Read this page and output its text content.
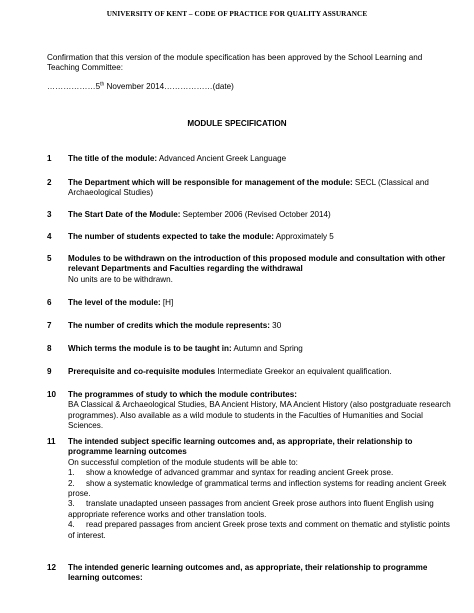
UNIVERSITY OF KENT – CODE OF PRACTICE FOR QUALITY ASSURANCE
Confirmation that this version of the module specification has been approved by the School Learning and Teaching Committee:
………………5th November 2014………………(date)
MODULE SPECIFICATION
1 The title of the module: Advanced Ancient Greek Language
2 The Department which will be responsible for management of the module: SECL (Classical and Archaeological Studies)
3 The Start Date of the Module: September 2006 (Revised October 2014)
4 The number of students expected to take the module: Approximately 5
5 Modules to be withdrawn on the introduction of this proposed module and consultation with other relevant Departments and Faculties regarding the withdrawal
No units are to be withdrawn.
6 The level of the module: [H]
7 The number of credits which the module represents: 30
8 Which terms the module is to be taught in: Autumn and Spring
9 Prerequisite and co-requisite modules Intermediate Greekor an equivalent qualification.
10 The programmes of study to which the module contributes:
BA Classical & Archaeological Studies, BA Ancient History, MA Ancient History (also postgraduate research programmes). Also available as a wild module to students in the Faculties of Humanities and Social Sciences.
11 The intended subject specific learning outcomes and, as appropriate, their relationship to programme learning outcomes
On successful completion of the module students will be able to:
1. show a knowledge of advanced grammar and syntax for reading ancient Greek prose.
2. show a systematic knowledge of grammatical terms and inflection systems for reading ancient Greek prose.
3. translate unadapted unseen passages from ancient Greek prose authors into fluent English using appropriate reference works and other translation tools.
4. read prepared passages from ancient Greek prose texts and comment on thematic and stylistic points of interest.
12 The intended generic learning outcomes and, as appropriate, their relationship to programme learning outcomes:
